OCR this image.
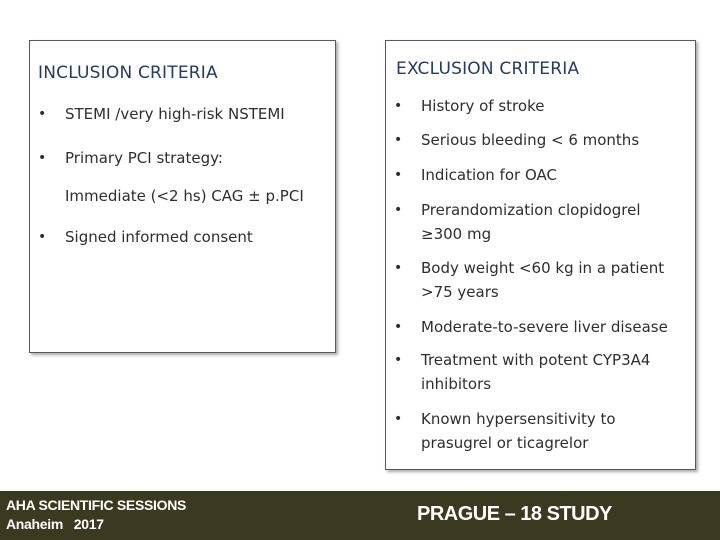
INCLUSION CRITERIA
•	STEMI /very high-risk NSTEMI
•	Primary PCI strategy:
Immediate (<2 hs) CAG ± p.PCI
•	Signed informed consent
EXCLUSION CRITERIA
•	History of stroke
•	Serious bleeding < 6 months
•	Indication for OAC
•	Prerandomization clopidogrel ≥300 mg
•	Body weight <60 kg in a patient >75 years
•	Moderate-to-severe liver disease
•	Treatment with potent CYP3A4 inhibitors
•	Known hypersensitivity to prasugrel or ticagrelor
AHA SCIENTIFIC SESSIONS
Anaheim   2017	PRAGUE – 18 STUDY
